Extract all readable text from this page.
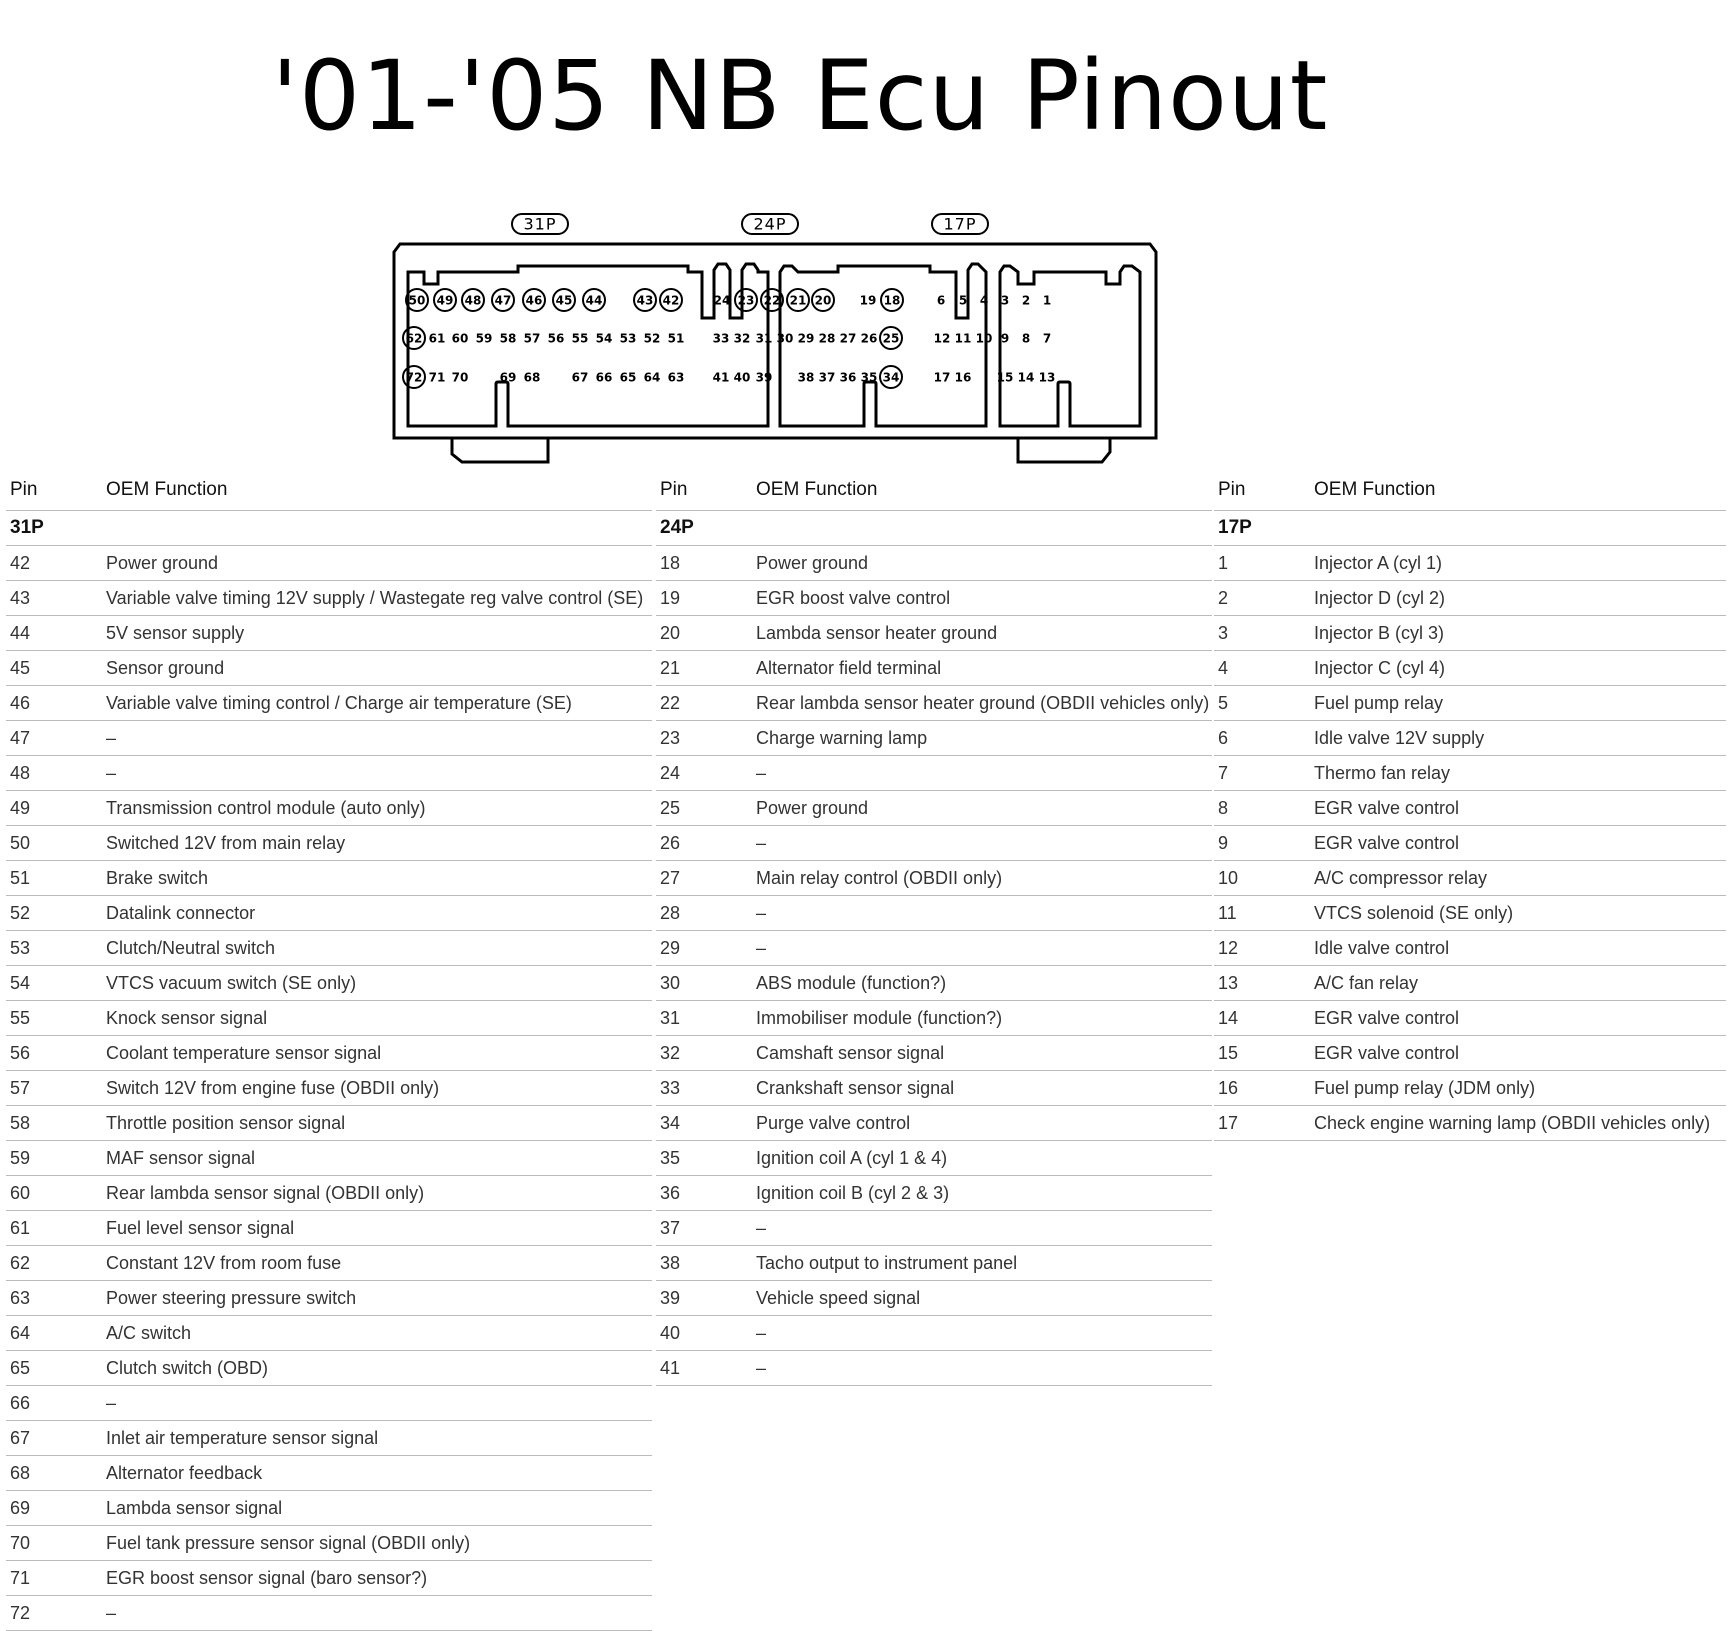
'01-'05 NB Ecu Pinout
31P	24P	17P
50 49 48 47 46 45 44	43 42
62 61 60 59 58 57 56 55 54 53 52 51
72 71 70	69 68	67 66 65 64 63
24 23 22 21 20 19 18
33 32 31 30 29 28 27 26 25
41 40 39 38 37 36 35 34
6 5 4 3 2 1
12 11 10 9 8 7
17 16 15 14 13
Pin	OEM Function
31P
42	Power ground
43	Variable valve timing 12V supply / Wastegate reg valve control (SE)
44	5V sensor supply
45	Sensor ground
46	Variable valve timing control / Charge air temperature (SE)
47	–
48	–
49	Transmission control module (auto only)
50	Switched 12V from main relay
51	Brake switch
52	Datalink connector
53	Clutch/Neutral switch
54	VTCS vacuum switch (SE only)
55	Knock sensor signal
56	Coolant temperature sensor signal
57	Switch 12V from engine fuse (OBDII only)
58	Throttle position sensor signal
59	MAF sensor signal
60	Rear lambda sensor signal (OBDII only)
61	Fuel level sensor signal
62	Constant 12V from room fuse
63	Power steering pressure switch
64	A/C switch
65	Clutch switch (OBD)
66	–
67	Inlet air temperature sensor signal
68	Alternator feedback
69	Lambda sensor signal
70	Fuel tank pressure sensor signal (OBDII only)
71	EGR boost sensor signal (baro sensor?)
72	–
Pin	OEM Function
24P
18	Power ground
19	EGR boost valve control
20	Lambda sensor heater ground
21	Alternator field terminal
22	Rear lambda sensor heater ground (OBDII vehicles only)
23	Charge warning lamp
24	–
25	Power ground
26	–
27	Main relay control (OBDII only)
28	–
29	–
30	ABS module (function?)
31	Immobiliser module (function?)
32	Camshaft sensor signal
33	Crankshaft sensor signal
34	Purge valve control
35	Ignition coil A (cyl 1 & 4)
36	Ignition coil B (cyl 2 & 3)
37	–
38	Tacho output to instrument panel
39	Vehicle speed signal
40	–
41	–
Pin	OEM Function
17P
1	Injector A (cyl 1)
2	Injector D (cyl 2)
3	Injector B (cyl 3)
4	Injector C (cyl 4)
5	Fuel pump relay
6	Idle valve 12V supply
7	Thermo fan relay
8	EGR valve control
9	EGR valve control
10	A/C compressor relay
11	VTCS solenoid (SE only)
12	Idle valve control
13	A/C fan relay
14	EGR valve control
15	EGR valve control
16	Fuel pump relay (JDM only)
17	Check engine warning lamp (OBDII vehicles only)
